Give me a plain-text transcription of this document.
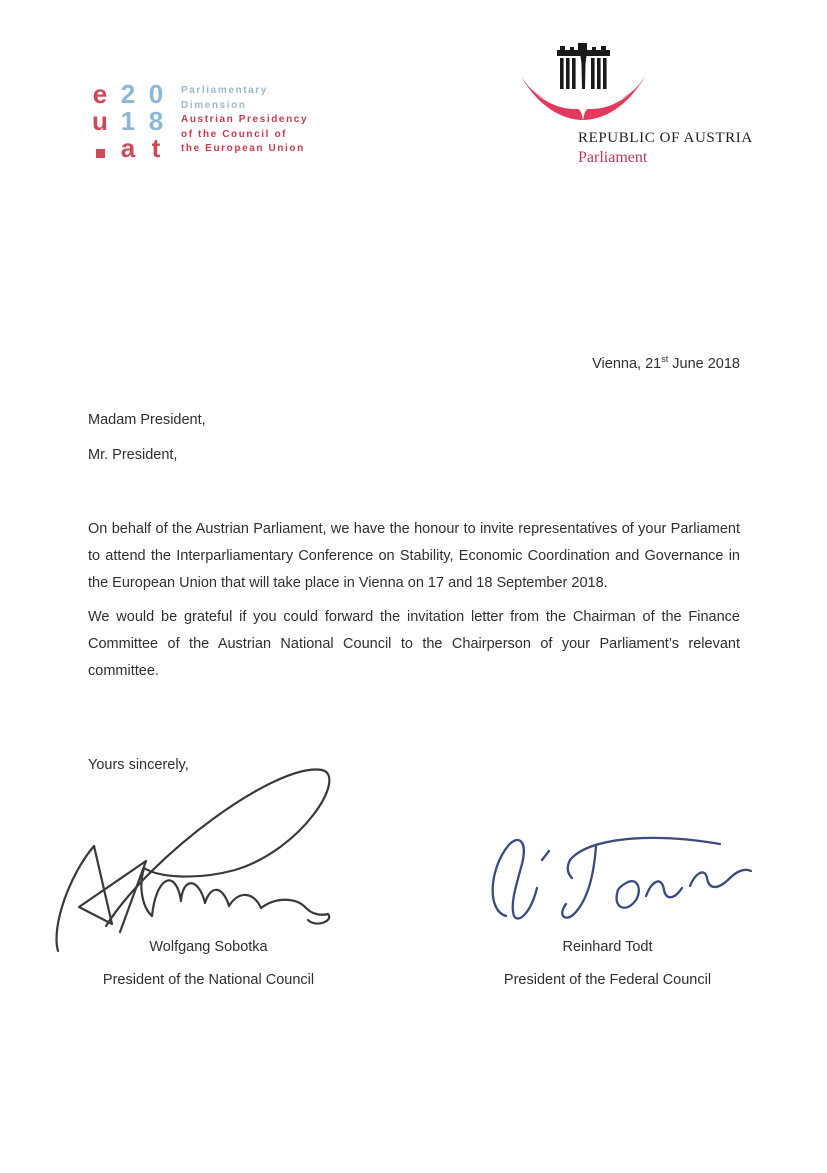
e 2 0
u 1 8
a t
Parliamentary
Dimension
Austrian Presidency
of the Council of
the European Union
REPUBLIC OF AUSTRIA
Parliament
Vienna, 21st June 2018
Madam President,
Mr. President,

On behalf of the Austrian Parliament, we have the honour to invite representatives of your Parliament to attend the Interparliamentary Conference on Stability, Economic Coordination and Governance in the European Union that will take place in Vienna on 17 and 18 September 2018.

We would be grateful if you could forward the invitation letter from the Chairman of the Finance Committee of the Austrian National Council to the Chairperson of your Parliament’s relevant committee.

Yours sincerely,
Wolfgang Sobotka
President of the National Council
Reinhard Todt
President of the Federal Council
